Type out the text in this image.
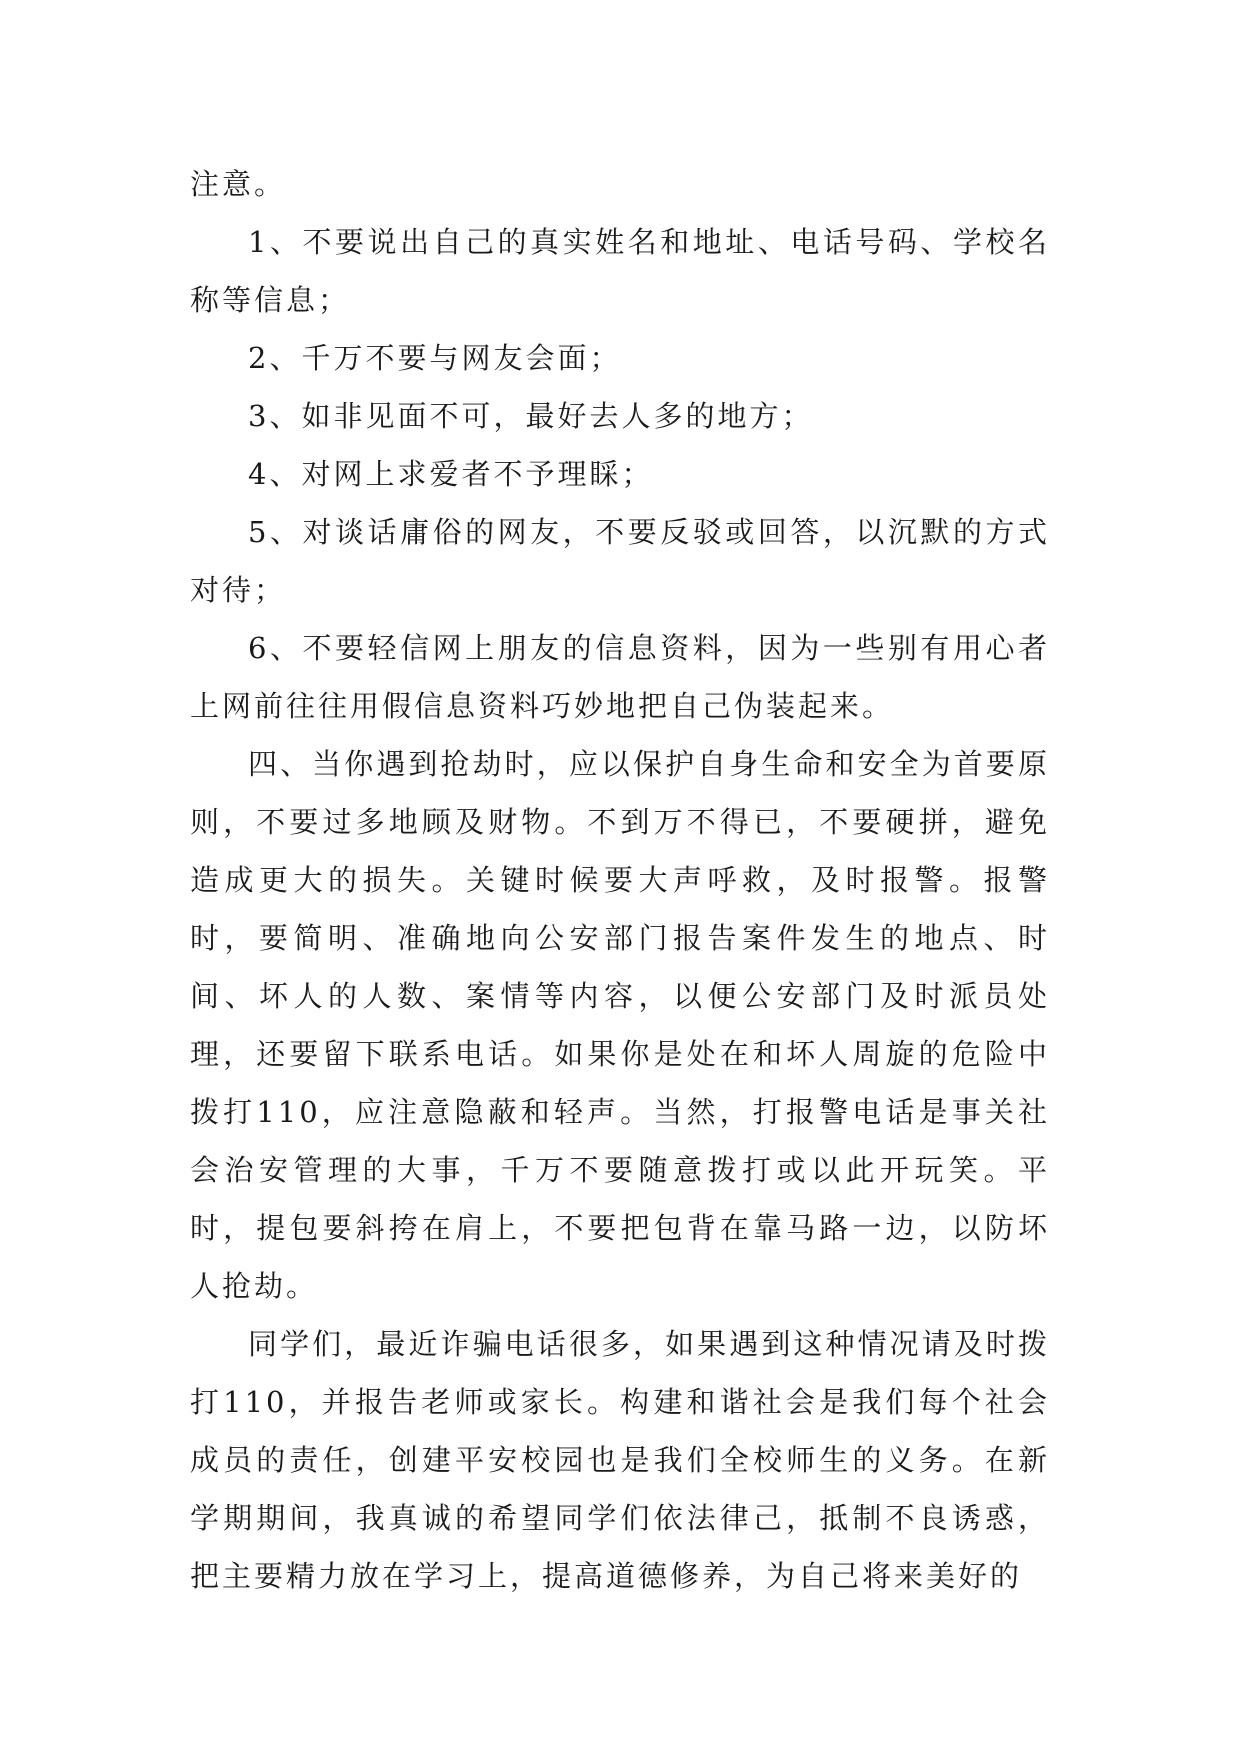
注意。

1、不要说出自己的真实姓名和地址、电话号码、学校名称等信息；

2、千万不要与网友会面；

3、如非见面不可，最好去人多的地方；

4、对网上求爱者不予理睬；

5、对谈话庸俗的网友，不要反驳或回答，以沉默的方式对待；

6、不要轻信网上朋友的信息资料，因为一些别有用心者上网前往往用假信息资料巧妙地把自己伪装起来。

四、当你遇到抢劫时，应以保护自身生命和安全为首要原则，不要过多地顾及财物。不到万不得已，不要硬拼，避免造成更大的损失。关键时候要大声呼救，及时报警。报警时，要简明、准确地向公安部门报告案件发生的地点、时间、坏人的人数、案情等内容，以便公安部门及时派员处理，还要留下联系电话。如果你是处在和坏人周旋的危险中拨打110，应注意隐蔽和轻声。当然，打报警电话是事关社会治安管理的大事，千万不要随意拨打或以此开玩笑。平时，提包要斜挎在肩上，不要把包背在靠马路一边，以防坏人抢劫。

同学们，最近诈骗电话很多，如果遇到这种情况请及时拨打110，并报告老师或家长。构建和谐社会是我们每个社会成员的责任，创建平安校园也是我们全校师生的义务。在新学期期间，我真诚的希望同学们依法律己，抵制不良诱惑，把主要精力放在学习上，提高道德修养，为自己将来美好的
